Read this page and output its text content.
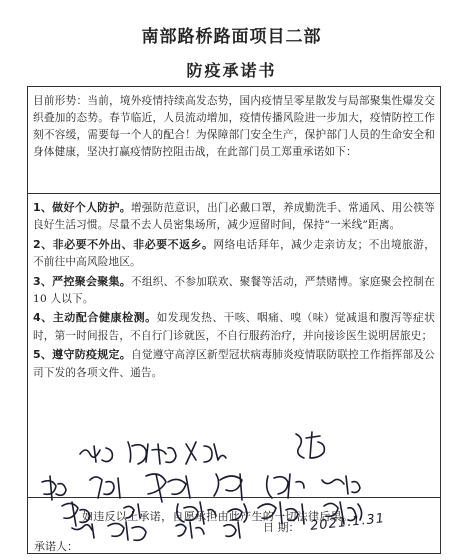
南部路桥路面项目二部
防疫承诺书
目前形势：当前，境外疫情持续高发态势，国内疫情呈零星散发与局部聚集性爆发交织叠加的态势。春节临近，人员流动增加，疫情传播风险进一步加大，疫情防控工作刻不容缓，需要每一个人的配合！为保障部门安全生产，保护部门人员的生命安全和身体健康，坚决打赢疫情防控阻击战，在此部门员工郑重承诺如下：
1、做好个人防护。增强防范意识，出门必戴口罩，养成勤洗手、常通风、用公筷等良好生活习惯。尽量不去人员密集场所，减少逗留时间，保持“一米线”距离。
2、非必要不外出、非必要不返乡。网络电话拜年，减少走亲访友；不出境旅游，不前往中高风险地区。
3、严控聚会聚集。不组织、不参加联欢、聚餐等活动，严禁赌博。家庭聚会控制在 10 人以下。
4、主动配合健康检测。如发现发热、干咳、咽痛、嗅（味）觉减退和腹泻等症状时，第一时间报告，不自行门诊就医，不自行服药治疗，并向接诊医生说明居旅史；
5、遵守防疫规定。自觉遵守高淳区新型冠状病毒肺炎疫情联防联控工作指挥部及公司下发的各项文件、通告。
如违反以上承诺，自愿承担由此产生的一切法律后果。
承诺人：
日 期： 2021.1.31
